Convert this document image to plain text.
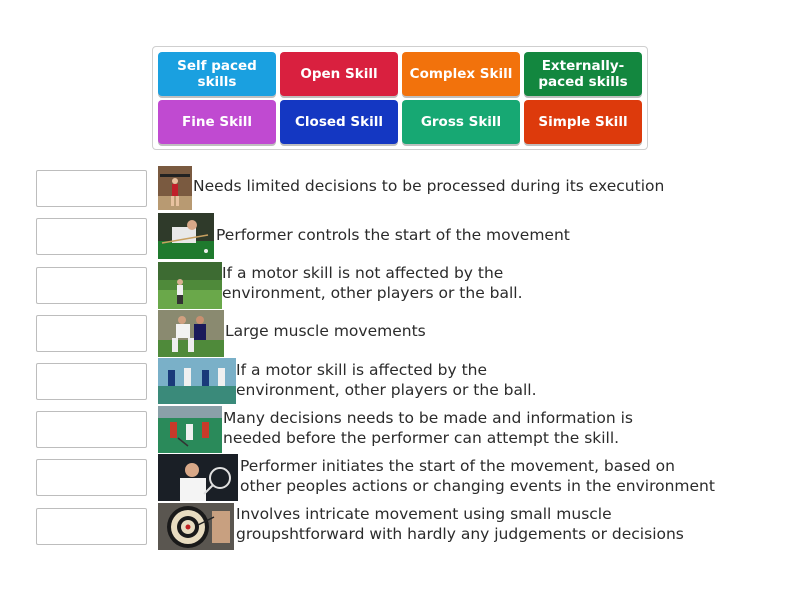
Self paced skills	Open Skill	Complex Skill	Externally-paced skills
Fine Skill	Closed Skill	Gross Skill	Simple Skill
Needs limited decisions to be processed during its execution
Performer controls the start of the movement
If a motor skill is not affected by the
environment, other players or the ball.
Large muscle movements
If a motor skill is affected by the
environment, other players or the ball.
Many decisions needs to be made and information is
needed before the performer can attempt the skill.
Performer initiates the start of the movement, based on
other peoples actions or changing events in the environment
Involves intricate movement using small muscle
groupshtforward with hardly any judgements or decisions
